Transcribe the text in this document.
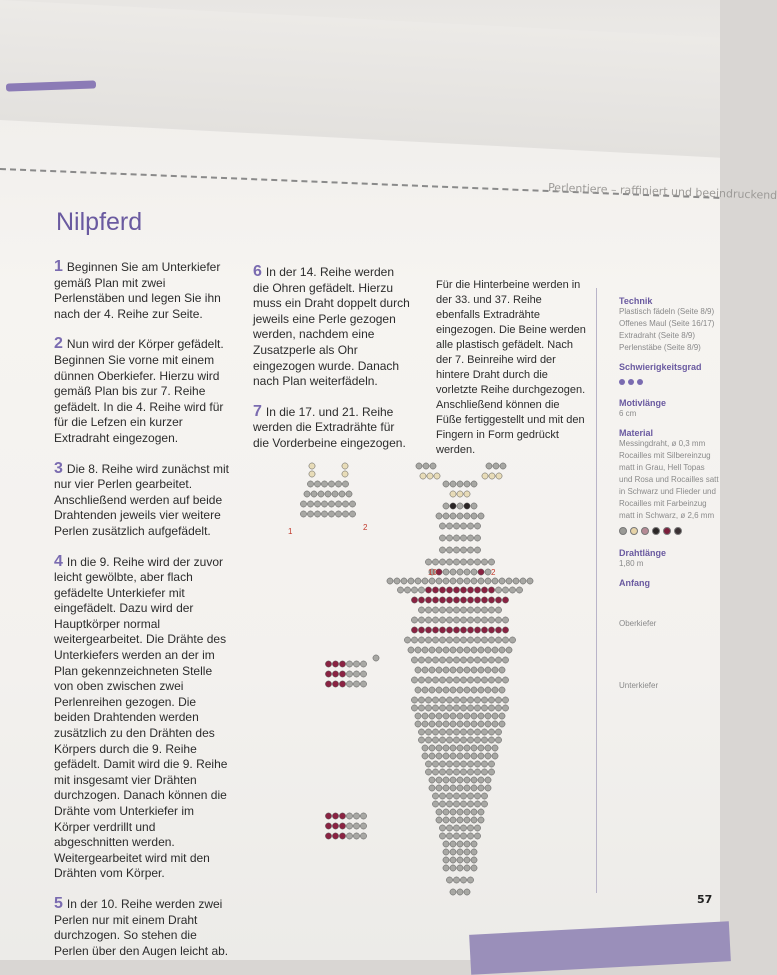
Perlentiere – raffiniert und beeindruckend
Nilpferd

1 Beginnen Sie am Unterkiefer gemäß Plan mit zwei Perlenstäben und legen Sie ihn nach der 4. Reihe zur Seite.

2 Nun wird der Körper gefädelt. Beginnen Sie vorne mit einem dünnen Oberkiefer. Hierzu wird gemäß Plan bis zur 7. Reihe gefädelt. In die 4. Reihe wird für für die Lefzen ein kurzer Extradraht eingezogen.

3 Die 8. Reihe wird zunächst mit nur vier Perlen gearbeitet. Anschließend werden auf beide Drahtenden jeweils vier weitere Perlen zusätzlich aufgefädelt.

4 In die 9. Reihe wird der zuvor leicht gewölbte, aber flach gefädelte Unterkiefer mit eingefädelt. Dazu wird der Hauptkörper normal weitergearbeitet. Die Drähte des Unterkiefers werden an der im Plan gekennzeichneten Stelle von oben zwischen zwei Perlenreihen gezogen. Die beiden Drahtenden werden zusätzlich zu den Drähten des Körpers durch die 9. Reihe gefädelt. Damit wird die 9. Reihe mit insgesamt vier Drähten durchzogen. Danach können die Drähte vom Unterkiefer im Körper verdrillt und abgeschnitten werden. Weitergearbeitet wird mit den Drähten vom Körper.

5 In der 10. Reihe werden zwei Perlen nur mit einem Draht durchzogen. So stehen die Perlen über den Augen leicht ab.

6 In der 14. Reihe werden die Ohren gefädelt. Hierzu muss ein Draht doppelt durch jeweils eine Perle gezogen werden, nachdem eine Zusatzperle als Ohr eingezogen wurde. Danach nach Plan weiterfädeln.

7 In die 17. und 21. Reihe werden die Extradrähte für die Vorderbeine eingezogen.

Für die Hinterbeine werden in der 33. und 37. Reihe ebenfalls Extradrähte eingezogen. Die Beine werden alle plastisch gefädelt. Nach der 7. Beinreihe wird der hintere Draht durch die vorletzte Reihe durchgezogen. Anschließend können die Füße fertiggestellt und mit den Fingern in Form gedrückt werden.
Technik
Plastisch fädeln (Seite 8/9)
Offenes Maul (Seite 16/17)
Extradraht (Seite 8/9)
Perlenstäbe (Seite 8/9)
Schwierigkeitsgrad
Motivlänge
6 cm
Material
Messingdraht, ø 0,3 mm
Rocailles mit Silbereinzug matt in Grau, Hell Topas und Rosa und Rocailles satt in Schwarz und Flieder und Rocailles mit Farbeinzug matt in Schwarz, ø 2,6 mm
Drahtlänge
1,80 m
Anfang
Oberkiefer
Unterkiefer
1	2
10	2
57
